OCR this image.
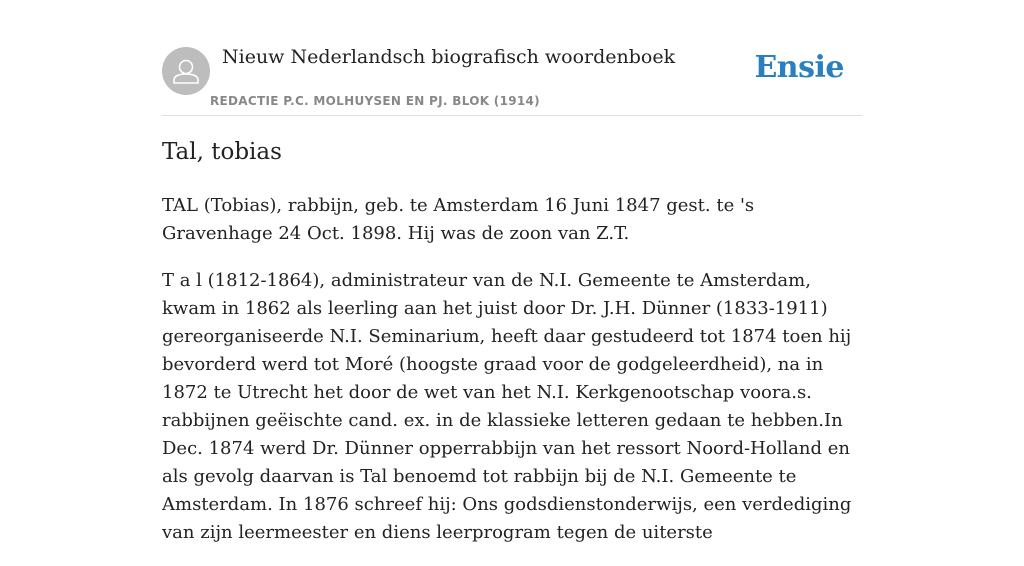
Nieuw Nederlandsch biografisch woordenboek
REDACTIE P.C. MOLHUYSEN EN PJ. BLOK (1914)
Ensie
Tal, tobias

TAL (Tobias), rabbijn, geb. te Amsterdam 16 Juni 1847 gest. te 's Gravenhage 24 Oct. 1898. Hij was de zoon van Z.T.

T a l (1812-1864), administrateur van de N.I. Gemeente te Amsterdam, kwam in 1862 als leerling aan het juist door Dr. J.H. Dünner (1833-1911) gereorganiseerde N.I. Seminarium, heeft daar gestudeerd tot 1874 toen hij bevorderd werd tot Moré (hoogste graad voor de godgeleerdheid), na in 1872 te Utrecht het door de wet van het N.I. Kerkgenootschap voora.s. rabbijnen geëischte cand. ex. in de klassieke letteren gedaan te hebben.In Dec. 1874 werd Dr. Dünner opperrabbijn van het ressort Noord-Holland en als gevolg daarvan is Tal benoemd tot rabbijn bij de N.I. Gemeente te Amsterdam. In 1876 schreef hij: Ons godsdienstonderwijs, een verdediging van zijn leermeester en diens leerprogram tegen de uiterste
